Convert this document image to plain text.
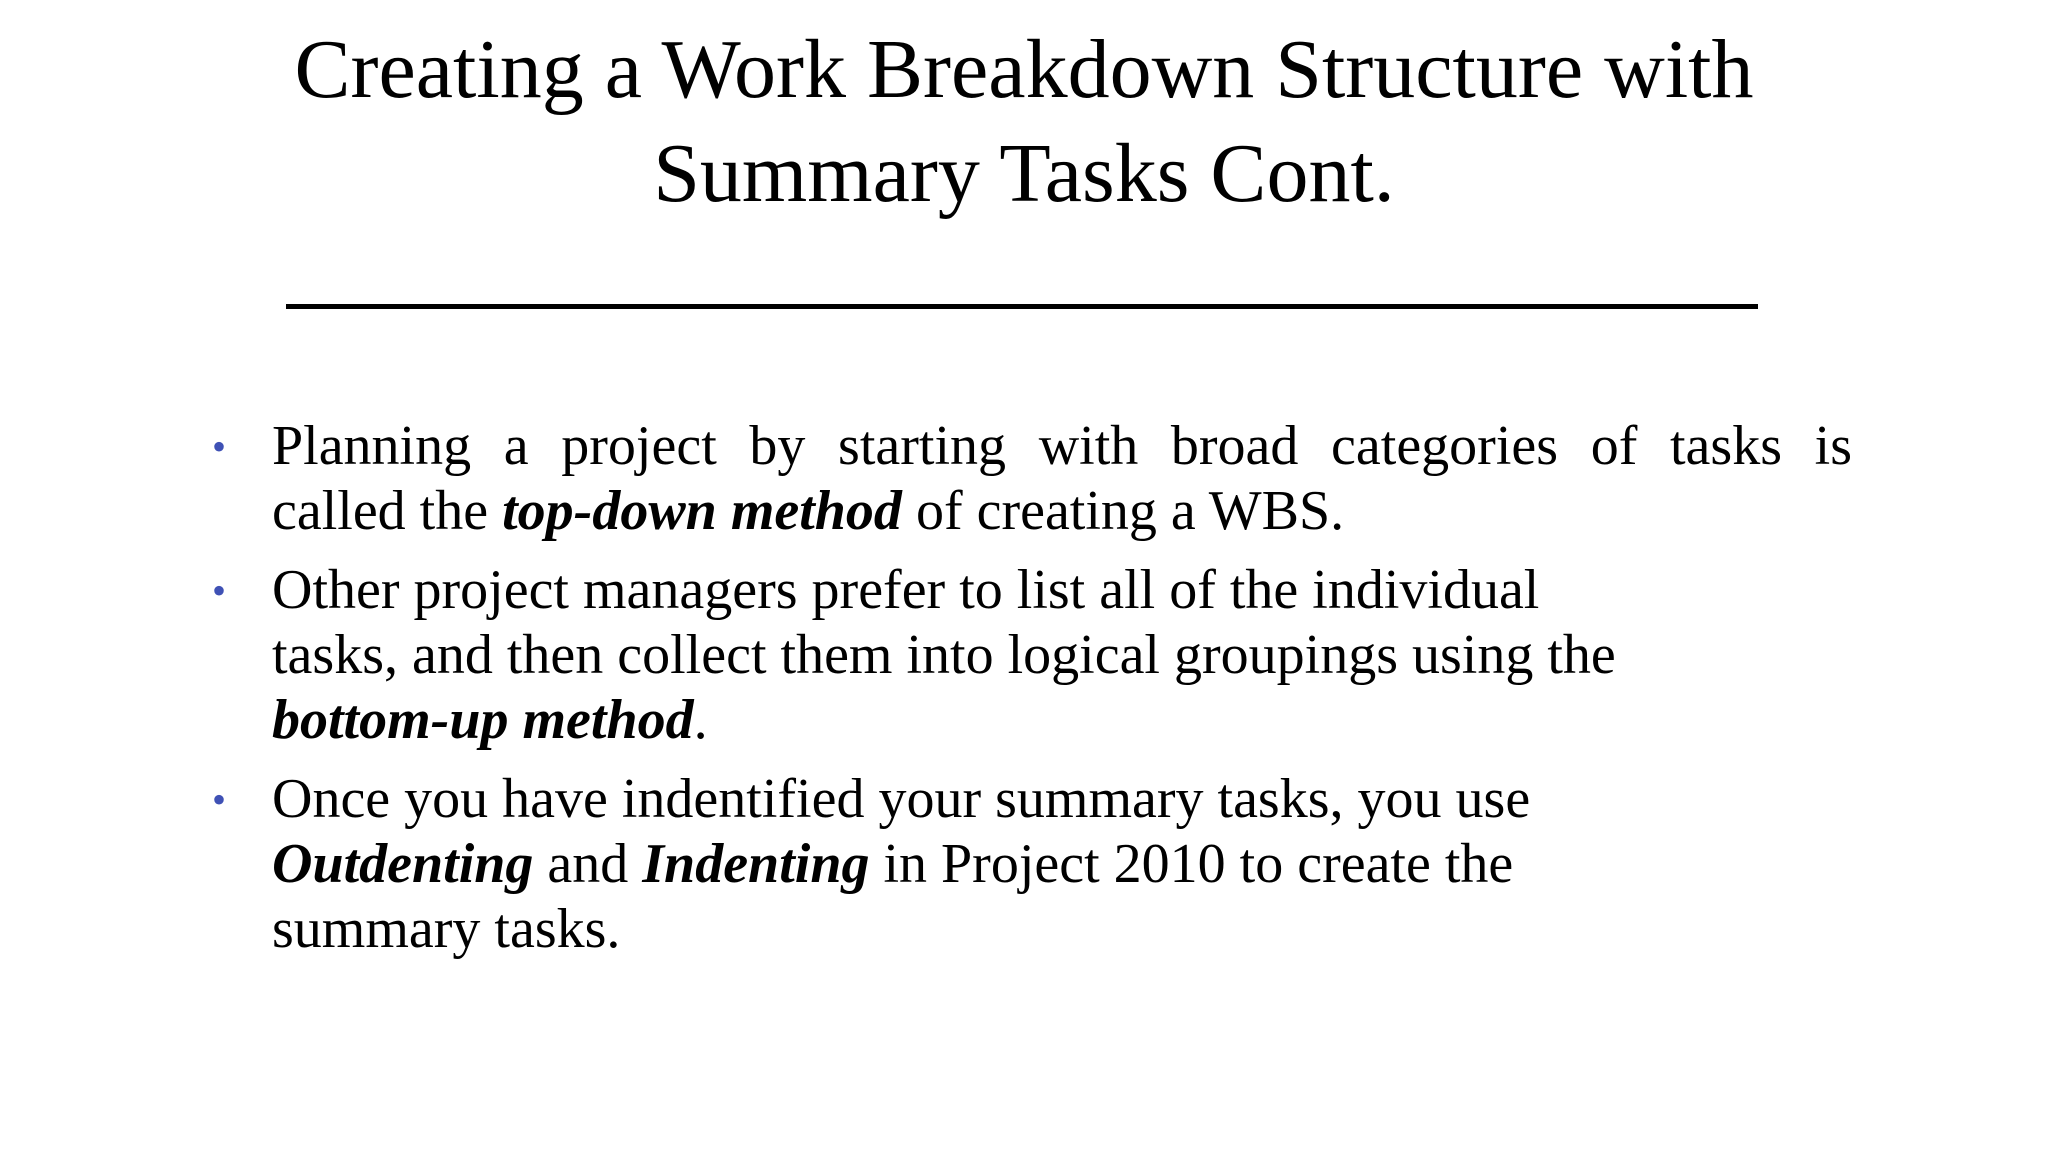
Creating a Work Breakdown Structure with
Summary Tasks Cont.
• Planning a project by starting with broad categories of tasks is
called the top-down method of creating a WBS.
• Other project managers prefer to list all of the individual
tasks, and then collect them into logical groupings using the
bottom-up method.
• Once you have indentified your summary tasks, you use
Outdenting and Indenting in Project 2010 to create the
summary tasks.
